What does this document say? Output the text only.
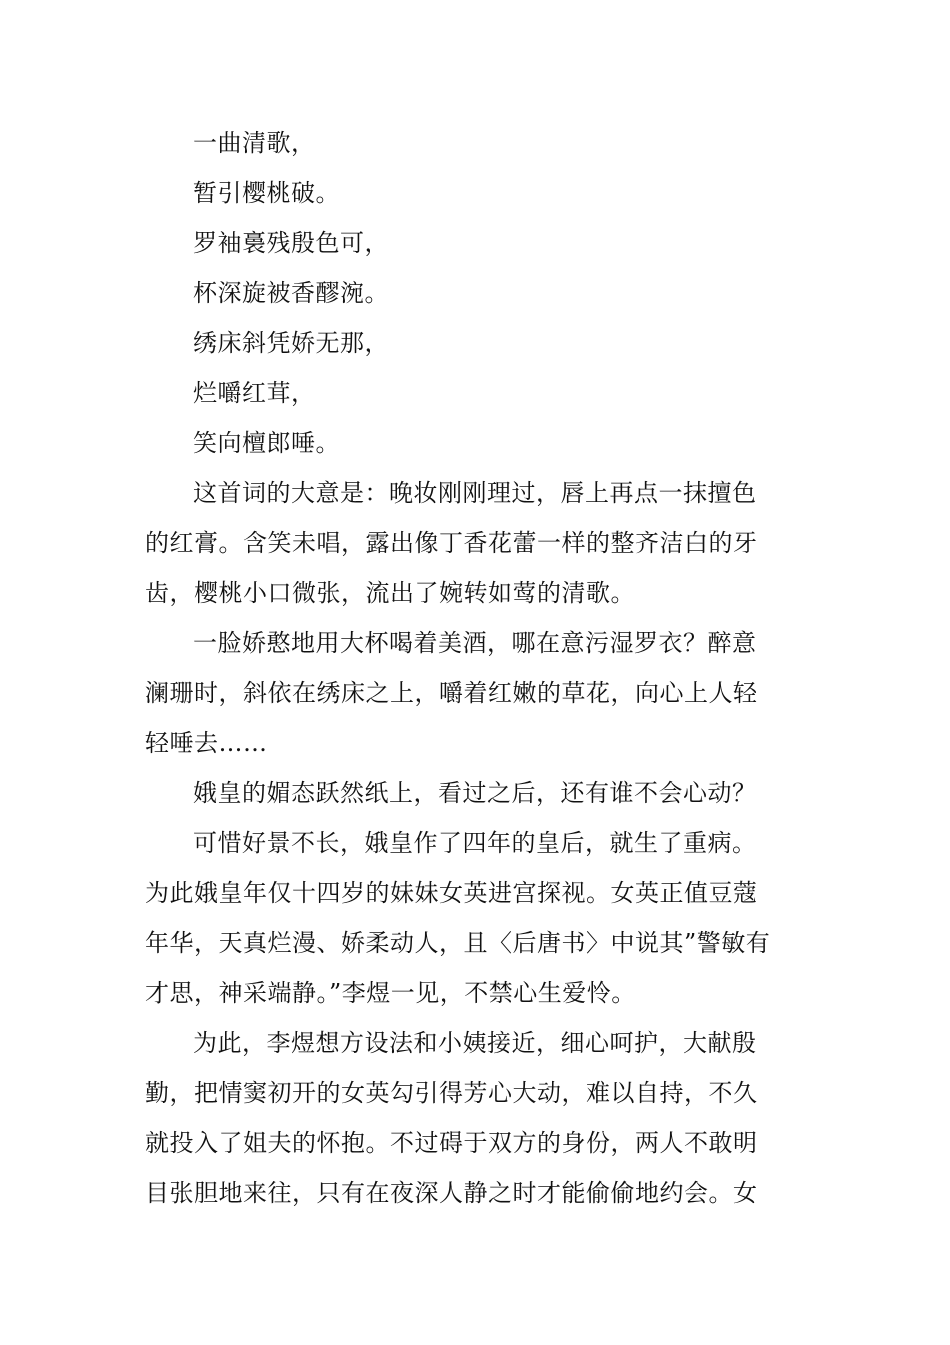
一曲清歌，
暂引樱桃破。
罗袖裛残殷色可，
杯深旋被香醪涴。
绣床斜凭娇无那，
烂嚼红茸，
笑向檀郎唾。
这首词的大意是：晚妆刚刚理过，唇上再点一抹擅色
的红膏。含笑未唱，露出像丁香花蕾一样的整齐洁白的牙
齿，樱桃小口微张，流出了婉转如莺的清歌。
一脸娇憨地用大杯喝着美酒，哪在意污湿罗衣？醉意
澜珊时，斜依在绣床之上，嚼着红嫩的草花，向心上人轻
轻唾去……
娥皇的媚态跃然纸上，看过之后，还有谁不会心动？
可惜好景不长，娥皇作了四年的皇后，就生了重病。
为此娥皇年仅十四岁的妹妹女英进宫探视。女英正值豆蔻
年华，天真烂漫、娇柔动人，且〈后唐书〉中说其”警敏有
才思，神采端静。”李煜一见，不禁心生爱怜。
为此，李煜想方设法和小姨接近，细心呵护，大献殷
勤，把情窦初开的女英勾引得芳心大动，难以自持，不久
就投入了姐夫的怀抱。不过碍于双方的身份，两人不敢明
目张胆地来往，只有在夜深人静之时才能偷偷地约会。女
